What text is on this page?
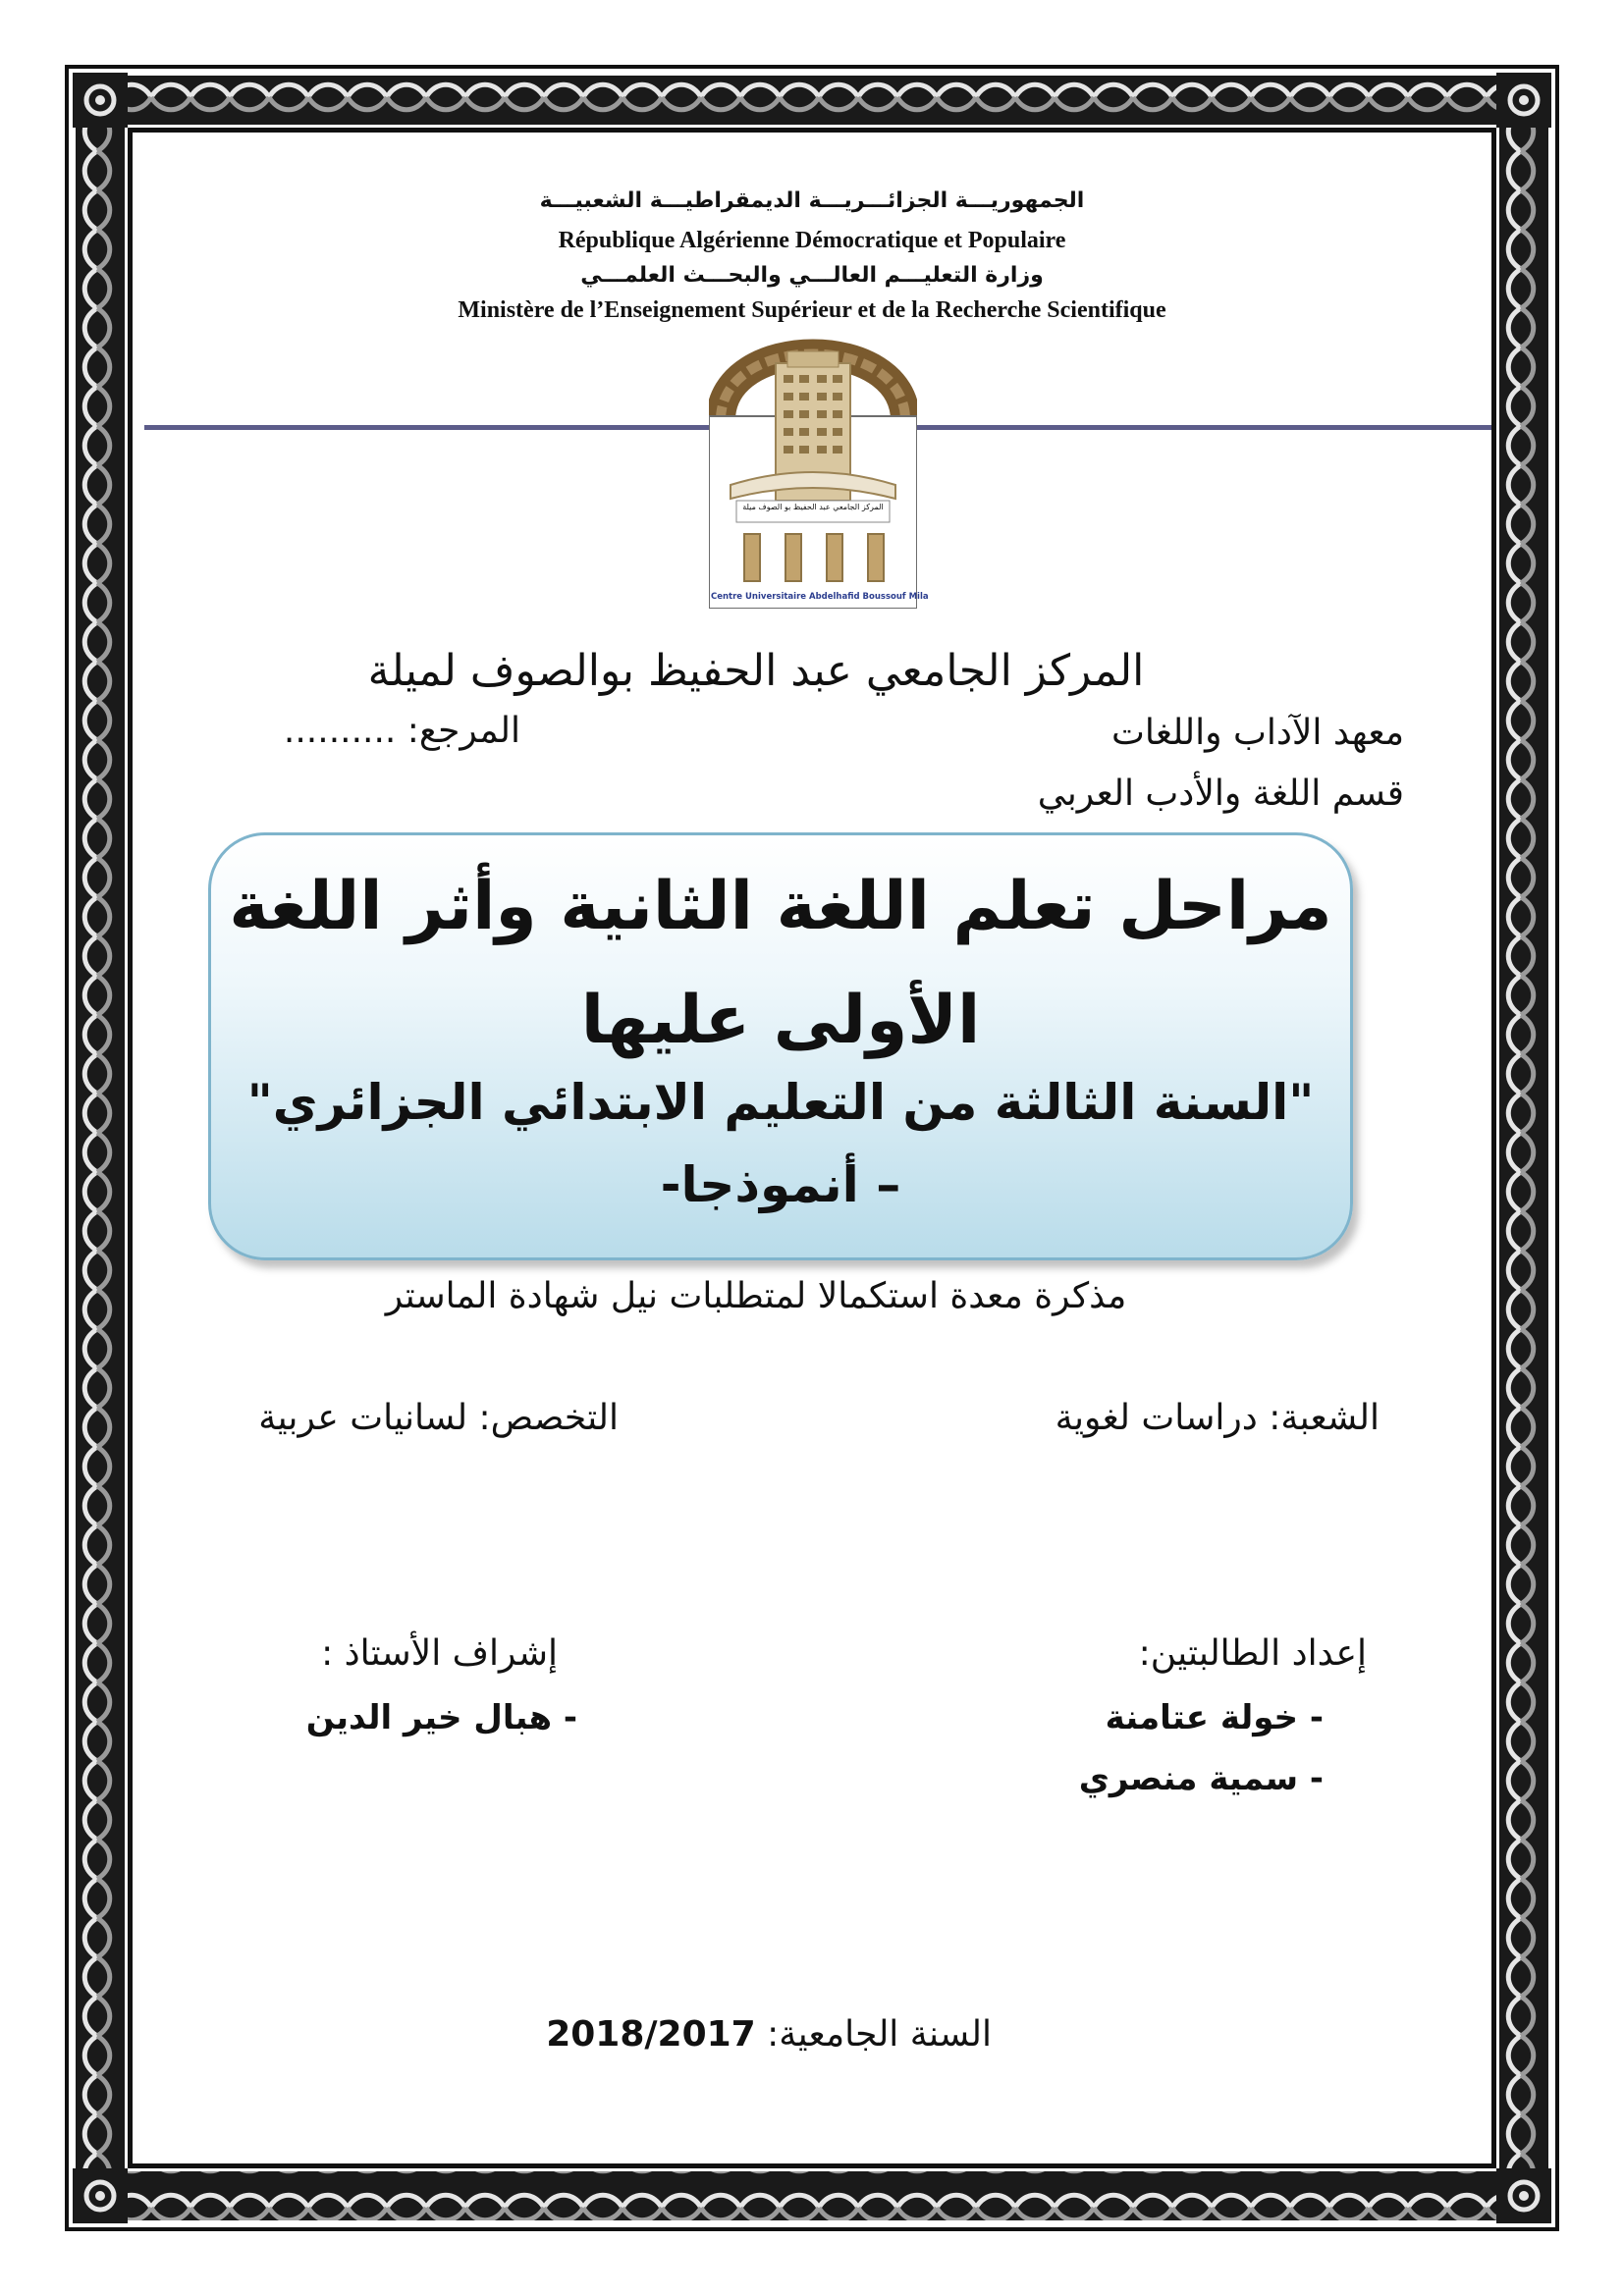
الجمهوريـــة الجزائـــريـــة الديمقراطيـــة الشعبيـــة
République Algérienne Démocratique et Populaire
وزارة التعليـــم العالـــي والبحـــث العلمـــي
Ministère de l’Enseignement Supérieur et de la Recherche Scientifique
المركز الجامعي عبد الحفيظ بو الصوف ميلة
Centre Universitaire Abdelhafid Boussouf Mila
المركز الجامعي عبد الحفيظ بوالصوف لميلة
معهد الآداب واللغات
المرجع: ..........
قسم اللغة والأدب العربي
مراحل تعلم اللغة الثانية وأثر اللغة
الأولى عليها
"السنة الثالثة من التعليم الابتدائي الجزائري"
– أنموذجا-
مذكرة معدة استكمالا لمتطلبات نيل شهادة الماستر
الشعبة: دراسات لغوية
التخصص: لسانيات عربية
إعداد الطالبتين:
- خولة عتامنة
- سمية منصري
إشراف الأستاذ :
- هبال خير الدين
السنة الجامعية: 2018/2017
